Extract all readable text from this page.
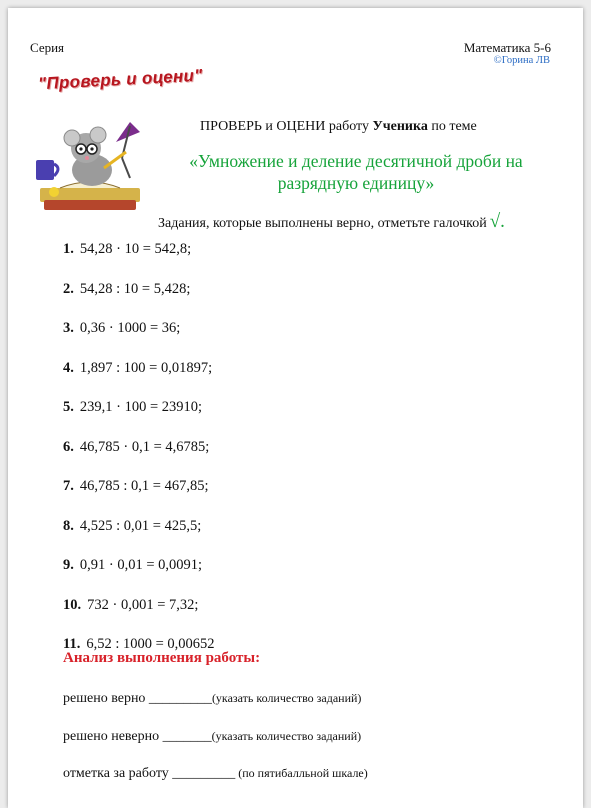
Серия	Математика 5-6
©Горина ЛВ
"Проверь и оцени"
ПРОВЕРЬ и ОЦЕНИ работу Ученика по теме
«Умножение и деление десятичной дроби на разрядную единицу»
Задания, которые выполнены верно, отметьте галочкой √.
1. 54,28 · 10 = 542,8;
2. 54,28 : 10 = 5,428;
3. 0,36 · 1000 = 36;
4. 1,897 : 100 = 0,01897;
5. 239,1 · 100 = 23910;
6. 46,785 · 0,1 = 4,6785;
7. 46,785 : 0,1 = 467,85;
8. 4,525 : 0,01 = 425,5;
9. 0,91 · 0,01 = 0,0091;
10. 732 · 0,001 = 7,32;
11. 6,52 : 1000 = 0,00652
Анализ выполнения работы:
решено верно _________(указать количество заданий)
решено неверно _______(указать количество заданий)
отметка за работу _________ (по пятибалльной шкале)
